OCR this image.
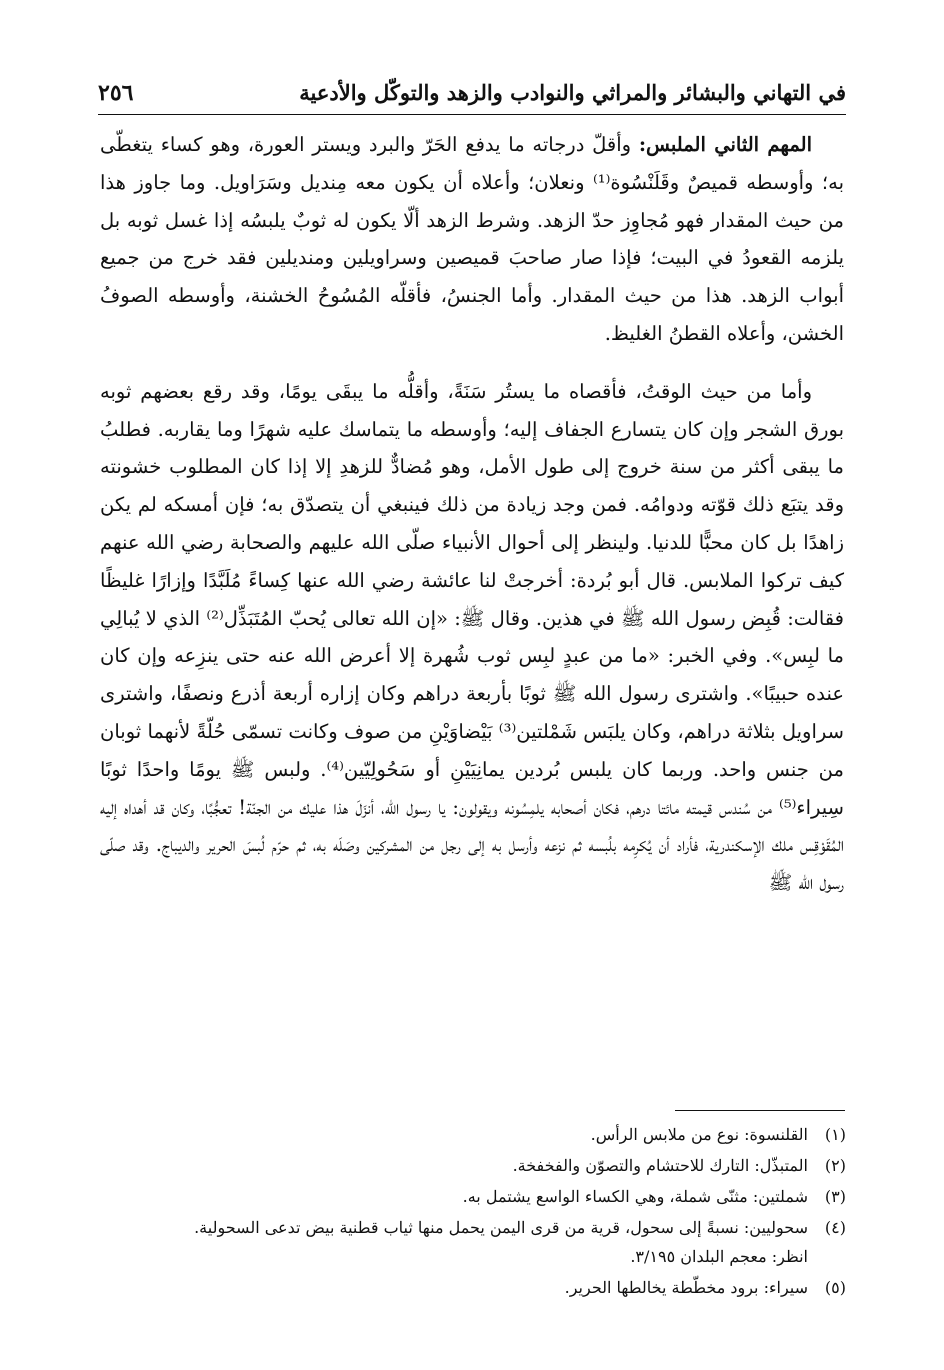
في التهاني والبشائر والمراثي والنوادب والزهد والتوكّل والأدعية
٢٥٦

المهم الثاني الملبس: وأقلّ درجاته ما يدفع الحَرّ والبرد ويستر العورة، وهو كساء يتغطّى به؛ وأوسطه قميصٌ وقَلَنْسُوة⁽¹⁾ ونعلان؛ وأعلاه أن يكون معه مِنديل وسَرَاويل. وما جاوز هذا من حيث المقدار فهو مُجاوِز حدّ الزهد. وشرط الزهد ألّا يكون له ثوبٌ يلبسُه إذا غسل ثوبه بل يلزمه القعودُ في البيت؛ فإذا صار صاحبَ قميصين وسراويلين ومنديلين فقد خرج من جميع أبواب الزهد. هذا من حيث المقدار. وأما الجنسُ، فأقلّه المُسُوحُ الخشنة، وأوسطه الصوفُ الخشن، وأعلاه القطنُ الغليظ.

وأما من حيث الوقتُ، فأقصاه ما يستُر سَنَةً، وأقلُّه ما يبقَى يومًا، وقد رقع بعضهم ثوبه بورق الشجر وإن كان يتسارع الجفاف إليه؛ وأوسطه ما يتماسك عليه شهرًا وما يقاربه. فطلبُ ما يبقى أكثر من سنة خروج إلى طول الأمل، وهو مُضادٌّ للزهدِ إلا إذا كان المطلوب خشونته وقد يتبَع ذلك قوّته ودوامُه. فمن وجد زيادة من ذلك فينبغي أن يتصدّق به؛ فإن أمسكه لم يكن زاهدًا بل كان محبًّا للدنيا. ولينظر إلى أحوال الأنبياء صلّى الله عليهم والصحابة رضي الله عنهم كيف تركوا الملابس. قال أبو بُردة: أخرجتْ لنا عائشة رضي الله عنها كِساءً مُلَبَّدًا وإزارًا غليظًا فقالت: قُبِض رسول الله ﷺ في هذين. وقال ﷺ: «إن الله تعالى يُحبّ المُتَبَذِّل⁽²⁾ الذي لا يُبالِي ما لبِس». وفي الخبر: «ما من عبدٍ لبِس ثوب شُهرة إلا أعرض الله عنه حتى ينزِعه وإن كان عنده حبيبًا». واشترى رسول الله ﷺ ثوبًا بأربعة دراهم وكان إزاره أربعة أذرع ونصفًا، واشترى سراويل بثلاثة دراهم، وكان يلبَس شَمْلتين⁽³⁾ بَيْضاوَيْنِ من صوف وكانت تسمّى حُلّةً لأنهما ثوبان من جنس واحد. وربما كان يلبس بُردين يمانِيَيْنِ أو سَحُولِيّين⁽⁴⁾. ولبس ﷺ يومًا واحدًا ثوبًا سِيراء⁽⁵⁾ من سُندس قيمته مائتا درهم، فكان أصحابه يلمِسُونه ويقولون: يا رسول الله، أنزَلَ هذا عليك من الجنّة! تعجُّبًا، وكان قد أهداه إليه المُقَوْقِس ملك الإسكندرية، فأراد أن يُكرِمه بلُبسه ثم نزعه وأرسل به إلى رجل من المشركين وصَلَه به، ثم حرّم لُبسَ الحرير والديباج. وقد صلّى رسول الله ﷺ

(١)
القلنسوة: نوع من ملابس الرأس.
(٢)
المتبذّل: التارك للاحتشام والتصوّن والفخفخة.
(٣)
شملتين: مثنّى شملة، وهي الكساء الواسع يشتمل به.
(٤)
سحوليين: نسبةً إلى سحول، قرية من قرى اليمن يحمل منها ثياب قطنية بيض تدعى السحولية.
انظر: معجم البلدان ٣/١٩٥.
(٥)
سيراء: برود مخطّطة يخالطها الحرير.
